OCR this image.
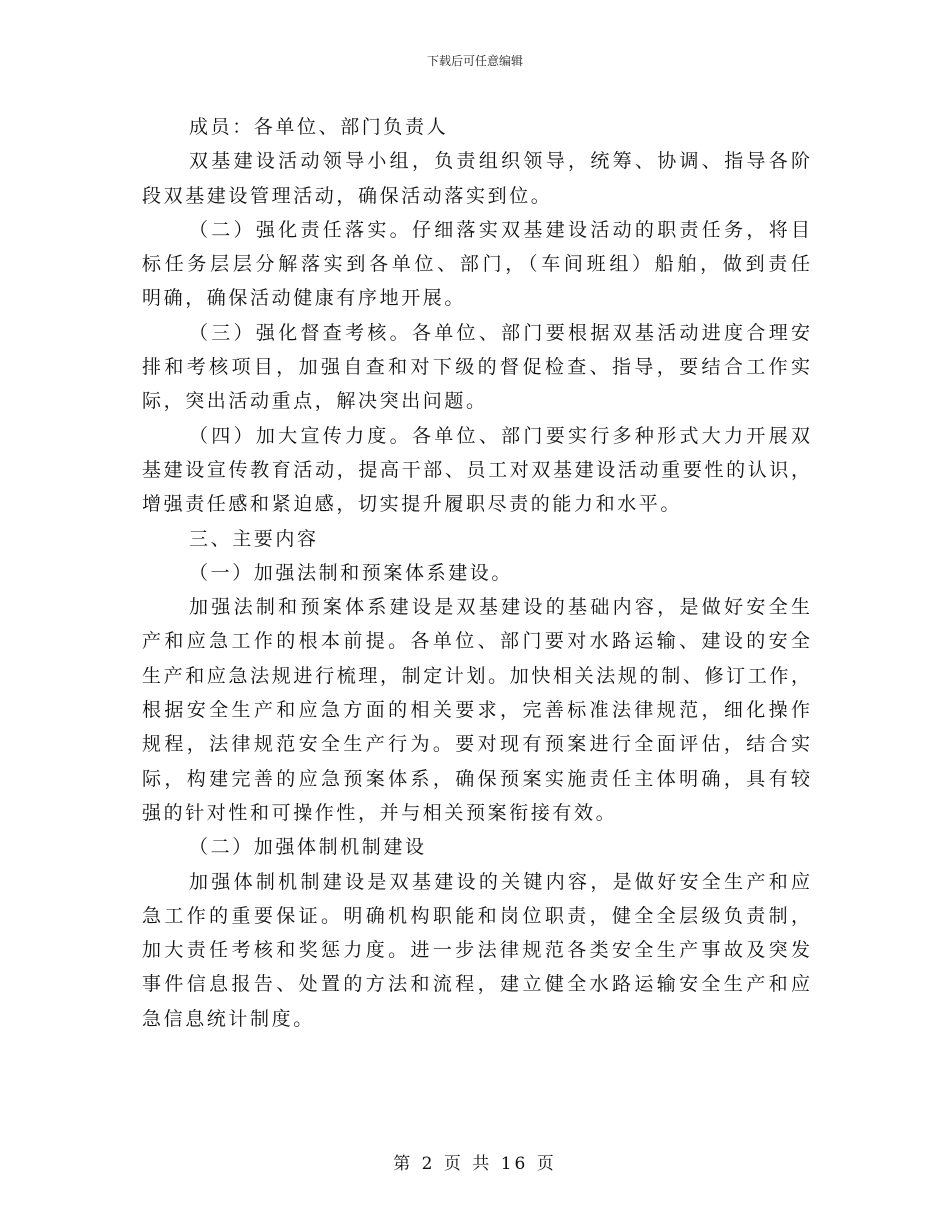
下载后可任意编辑
成员：各单位、部门负责人
双基建设活动领导小组，负责组织领导，统筹、协调、指导各阶
段双基建设管理活动，确保活动落实到位。
（二）强化责任落实。仔细落实双基建设活动的职责任务，将目
标任务层层分解落实到各单位、部门，（车间班组）船舶，做到责任
明确，确保活动健康有序地开展。
（三）强化督查考核。各单位、部门要根据双基活动进度合理安
排和考核项目，加强自查和对下级的督促检查、指导，要结合工作实
际，突出活动重点，解决突出问题。
（四）加大宣传力度。各单位、部门要实行多种形式大力开展双
基建设宣传教育活动，提高干部、员工对双基建设活动重要性的认识，
增强责任感和紧迫感，切实提升履职尽责的能力和水平。
三、主要内容
（一）加强法制和预案体系建设。
加强法制和预案体系建设是双基建设的基础内容，是做好安全生
产和应急工作的根本前提。各单位、部门要对水路运输、建设的安全
生产和应急法规进行梳理，制定计划。加快相关法规的制、修订工作，
根据安全生产和应急方面的相关要求，完善标准法律规范，细化操作
规程，法律规范安全生产行为。要对现有预案进行全面评估，结合实
际，构建完善的应急预案体系，确保预案实施责任主体明确，具有较
强的针对性和可操作性，并与相关预案衔接有效。
（二）加强体制机制建设
加强体制机制建设是双基建设的关键内容，是做好安全生产和应
急工作的重要保证。明确机构职能和岗位职责，健全全层级负责制，
加大责任考核和奖惩力度。进一步法律规范各类安全生产事故及突发
事件信息报告、处置的方法和流程，建立健全水路运输安全生产和应
急信息统计制度。
第 2 页 共 16 页
